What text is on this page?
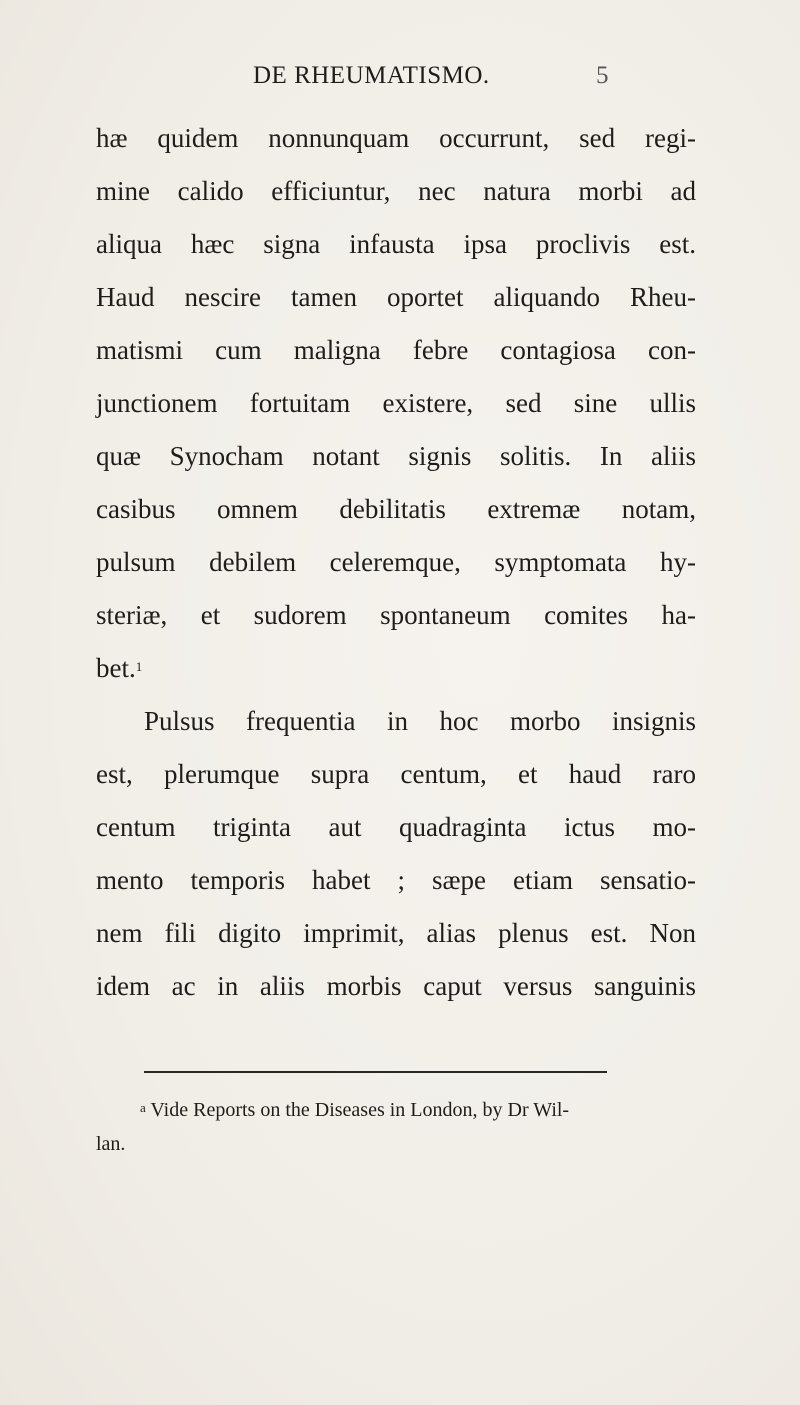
DE RHEUMATISMO.	5
hæ quidem nonnunquam occurrunt, sed regi-
mine calido efficiuntur, nec natura morbi ad
aliqua hæc signa infausta ipsa proclivis est.
Haud nescire tamen oportet aliquando Rheu-
matismi cum maligna febre contagiosa con-
junctionem fortuitam existere, sed sine ullis
quæ Synocham notant signis solitis. In aliis
casibus omnem debilitatis extremæ notam,
pulsum debilem celeremque, symptomata hy-
steriæ, et sudorem spontaneum comites ha-
bet.$^1$
Pulsus frequentia in hoc morbo insignis
est, plerumque supra centum, et haud raro
centum triginta aut quadraginta ictus mo-
mento temporis habet ; sæpe etiam sensatio-
nem fili digito imprimit, alias plenus est. Non
idem ac in aliis morbis caput versus sanguinis
$^a$ Vide Reports on the Diseases in London, by Dr Wil-
lan.
